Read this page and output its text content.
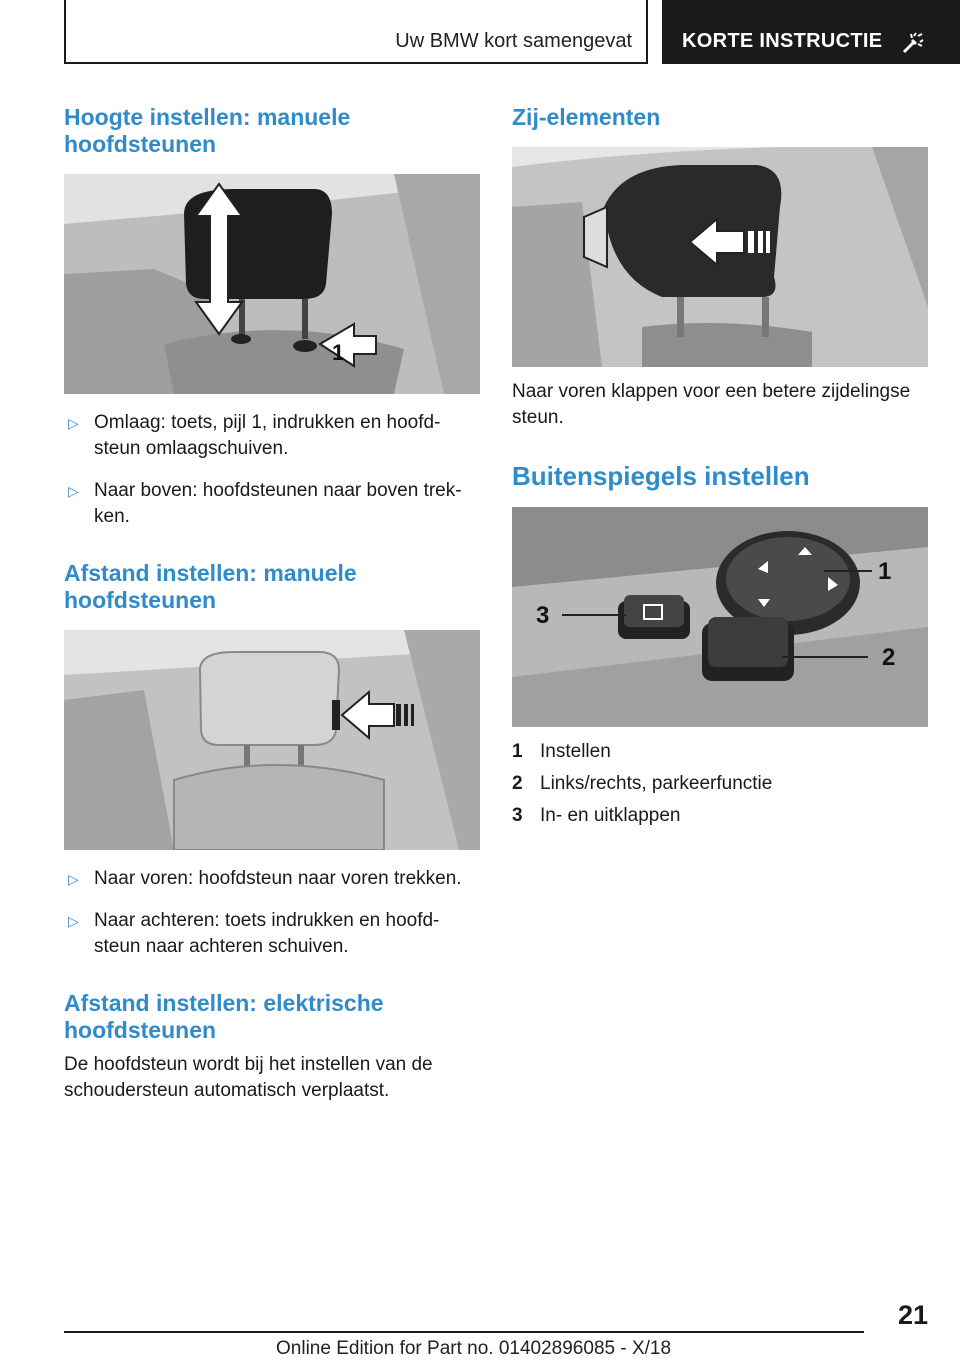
Uw BMW kort samengevat	KORTE INSTRUCTIE
Hoogte instellen: manuele hoofdsteunen
1
▷ Omlaag: toets, pijl 1, indrukken en hoofd‐steun omlaagschuiven.
▷ Naar boven: hoofdsteunen naar boven trek‐ken.
Afstand instellen: manuele hoofdsteunen
▷ Naar voren: hoofdsteun naar voren trekken.
▷ Naar achteren: toets indrukken en hoofd‐steun naar achteren schuiven.
Afstand instellen: elektrische hoofdsteunen

De hoofdsteun wordt bij het instellen van de schoudersteun automatisch verplaatst.

Zij-elementen

Naar voren klappen voor een betere zijdelingse steun.

Buitenspiegels instellen
1
2
3
1 Instellen
2 Links/rechts, parkeerfunctie
3 In- en uitklappen
21
Online Edition for Part no. 01402896085 - X/18
